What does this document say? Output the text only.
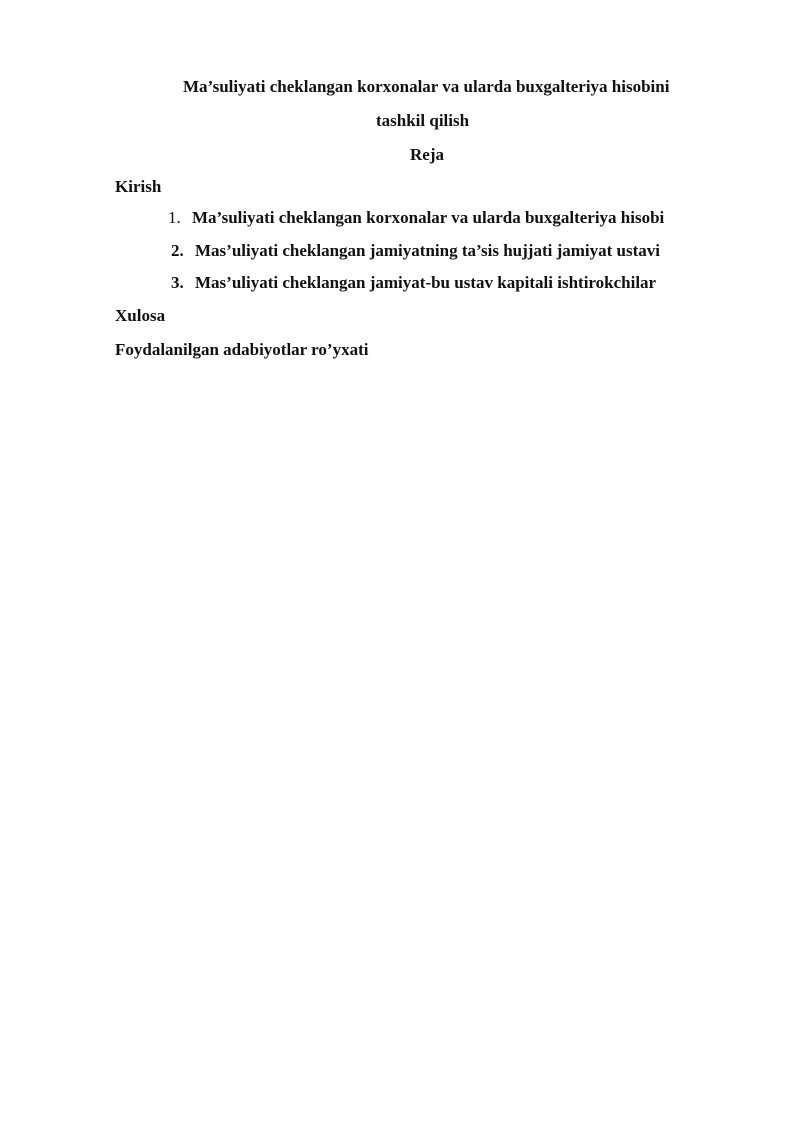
Ma’suliyati cheklangan korxonalar va ularda buxgalteriya hisobini
tashkil qilish
Reja
Kirish
1. Ma’suliyati cheklangan korxonalar va ularda buxgalteriya hisobi
2. Mas’uliyati cheklangan jamiyatning ta’sis hujjati jamiyat ustavi
3. Mas’uliyati cheklangan jamiyat-bu ustav kapitali ishtirokchilar
Xulosa
Foydalanilgan adabiyotlar ro’yxati
